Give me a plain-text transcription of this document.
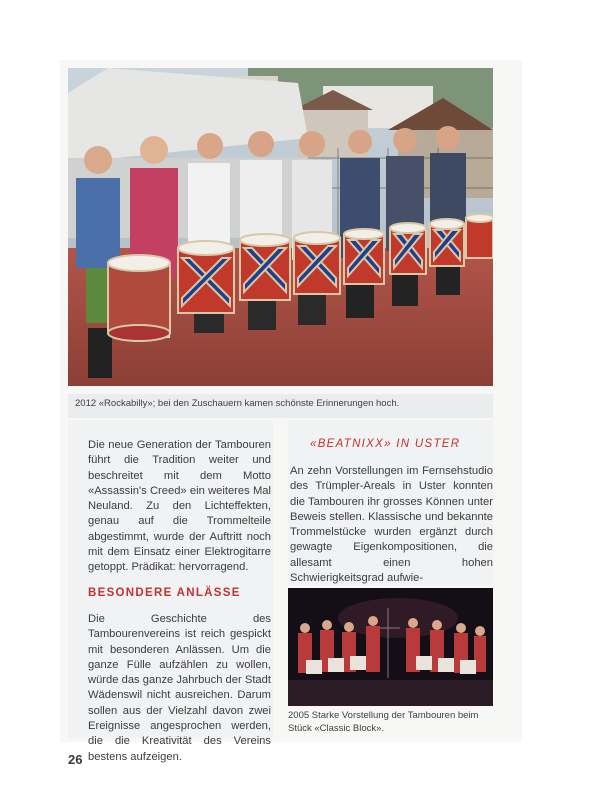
2012 «Rockabilly»; bei den Zuschauern kamen schönste Erinnerungen hoch.
Die neue Generation der Tambouren führt die Tradition weiter und beschreitet mit dem Motto «Assassin's Creed» ein weiteres Mal Neuland. Zu den Lichteffekten, genau auf die Trommelteile abgestimmt, wurde der Auftritt noch mit dem Einsatz einer Elektrogitarre getoppt. Prädikat: hervorragend.
BESONDERE ANLÄSSE
Die Geschichte des Tambourenvereins ist reich gespickt mit besonderen Anlässen. Um die ganze Fülle aufzählen zu wollen, würde das ganze Jahrbuch der Stadt Wädenswil nicht ausreichen. Darum sollen aus der Vielzahl davon zwei Ereignisse angesprochen werden, die die Kreativität des Vereins bestens aufzeigen.
«BEATNIXX» IN USTER
An zehn Vorstellungen im Fernsehstudio des Trümpler-Areals in Uster konnten die Tambouren ihr grosses Können unter Beweis stellen. Klassische und bekannte Trommelstücke wurden ergänzt durch gewagte Eigenkompositionen, die allesamt einen hohen Schwierigkeitsgrad aufwie-
2005 Starke Vorstellung der Tambouren beim Stück «Classic Block».
26
